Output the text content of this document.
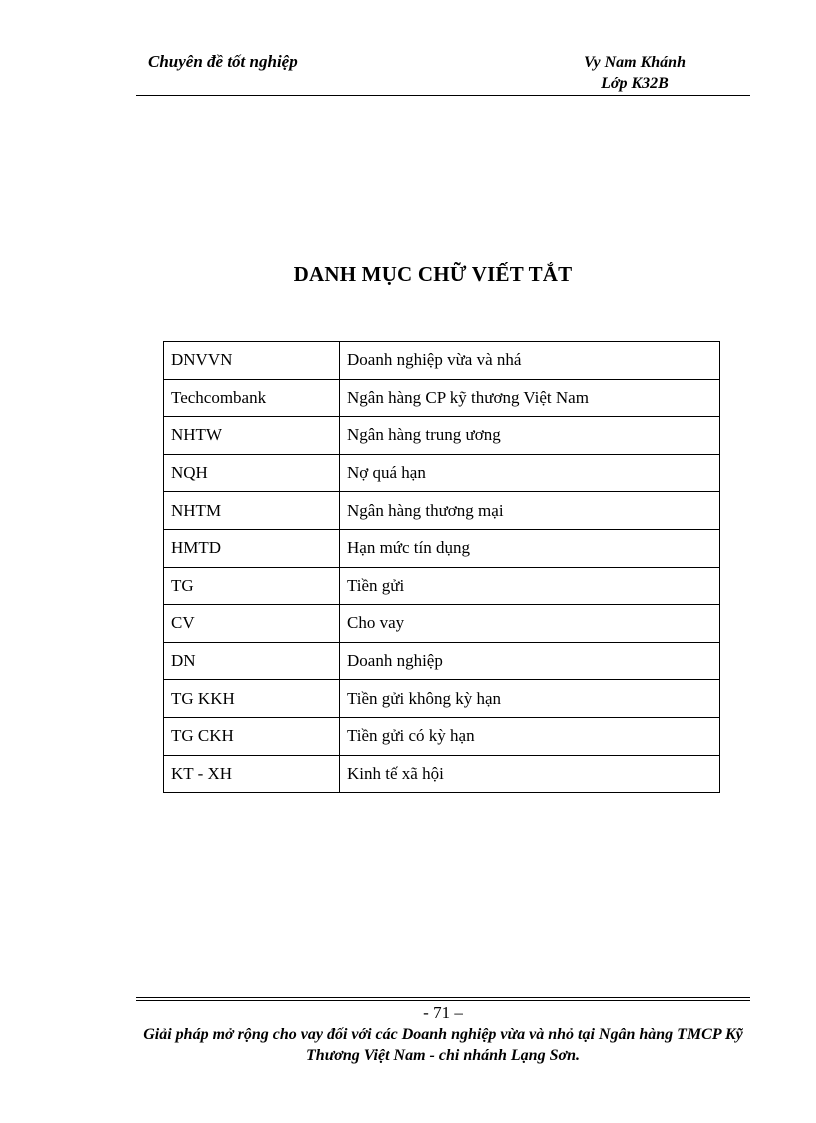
Chuyên đề tốt nghiệp	Vy Nam Khánh
Lớp K32B
DANH MỤC CHỮ VIẾT TẮT
DNVVN	Doanh nghiệp vừa và nhá
Techcombank	Ngân hàng CP kỹ thương Việt Nam
NHTW	Ngân hàng trung ương
NQH	Nợ quá hạn
NHTM	Ngân hàng thương mại
HMTD	Hạn mức tín dụng
TG	Tiền gửi
CV	Cho vay
DN	Doanh nghiệp
TG KKH	Tiền gửi không kỳ hạn
TG CKH	Tiền gửi có kỳ hạn
KT - XH	Kinh tế xã hội
- 71 –
Giải pháp mở rộng cho vay đối với các Doanh nghiệp vừa và nhỏ tại Ngân hàng TMCP Kỹ Thương Việt Nam - chi nhánh Lạng Sơn.
